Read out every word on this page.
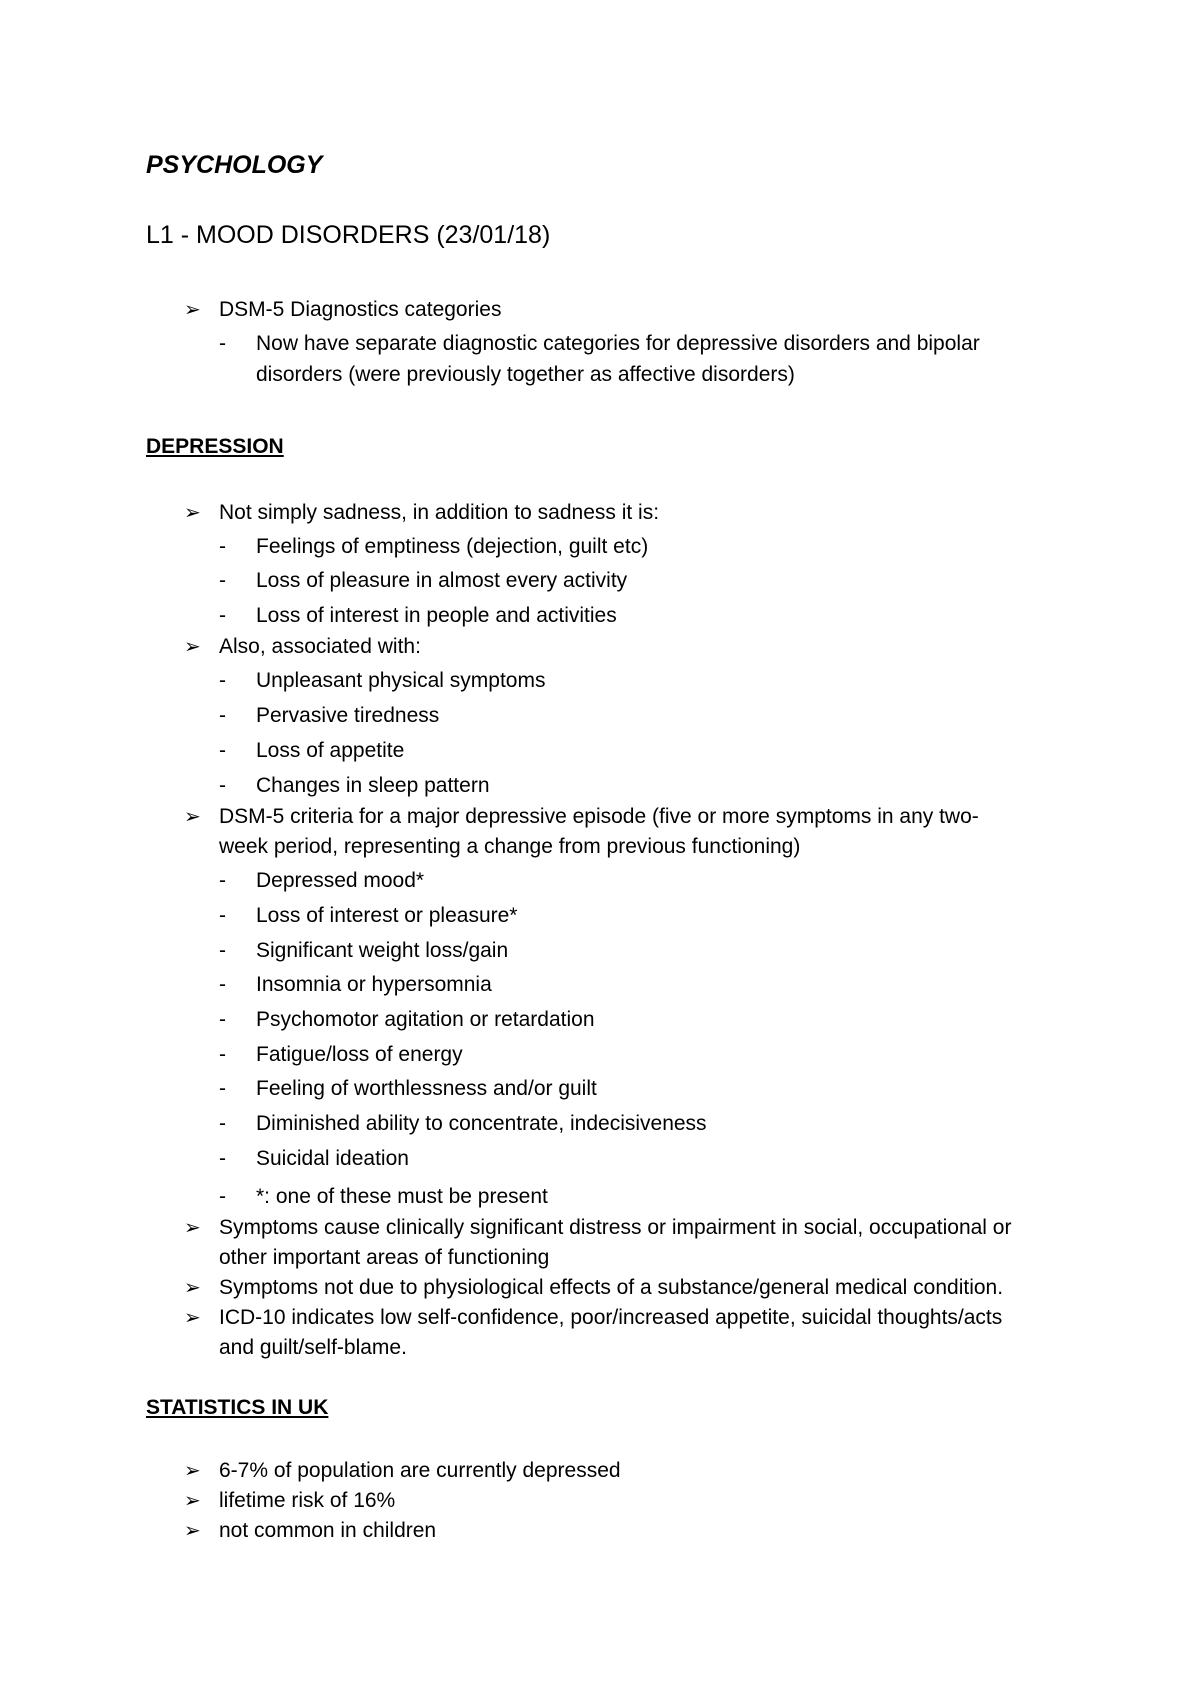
PSYCHOLOGY
L1 - MOOD DISORDERS (23/01/18)
➢ DSM-5 Diagnostics categories
- Now have separate diagnostic categories for depressive disorders and bipolar
disorders (were previously together as affective disorders)
DEPRESSION
➢ Not simply sadness, in addition to sadness it is:
- Feelings of emptiness (dejection, guilt etc)
- Loss of pleasure in almost every activity
- Loss of interest in people and activities
➢ Also, associated with:
- Unpleasant physical symptoms
- Pervasive tiredness
- Loss of appetite
- Changes in sleep pattern
➢ DSM-5 criteria for a major depressive episode (five or more symptoms in any two-
week period, representing a change from previous functioning)
- Depressed mood*
- Loss of interest or pleasure*
- Significant weight loss/gain
- Insomnia or hypersomnia
- Psychomotor agitation or retardation
- Fatigue/loss of energy
- Feeling of worthlessness and/or guilt
- Diminished ability to concentrate, indecisiveness
- Suicidal ideation
- *: one of these must be present
➢ Symptoms cause clinically significant distress or impairment in social, occupational or
other important areas of functioning
➢ Symptoms not due to physiological effects of a substance/general medical condition.
➢ ICD-10 indicates low self-confidence, poor/increased appetite, suicidal thoughts/acts
and guilt/self-blame.
STATISTICS IN UK
➢ 6-7% of population are currently depressed
➢ lifetime risk of 16%
➢ not common in children
